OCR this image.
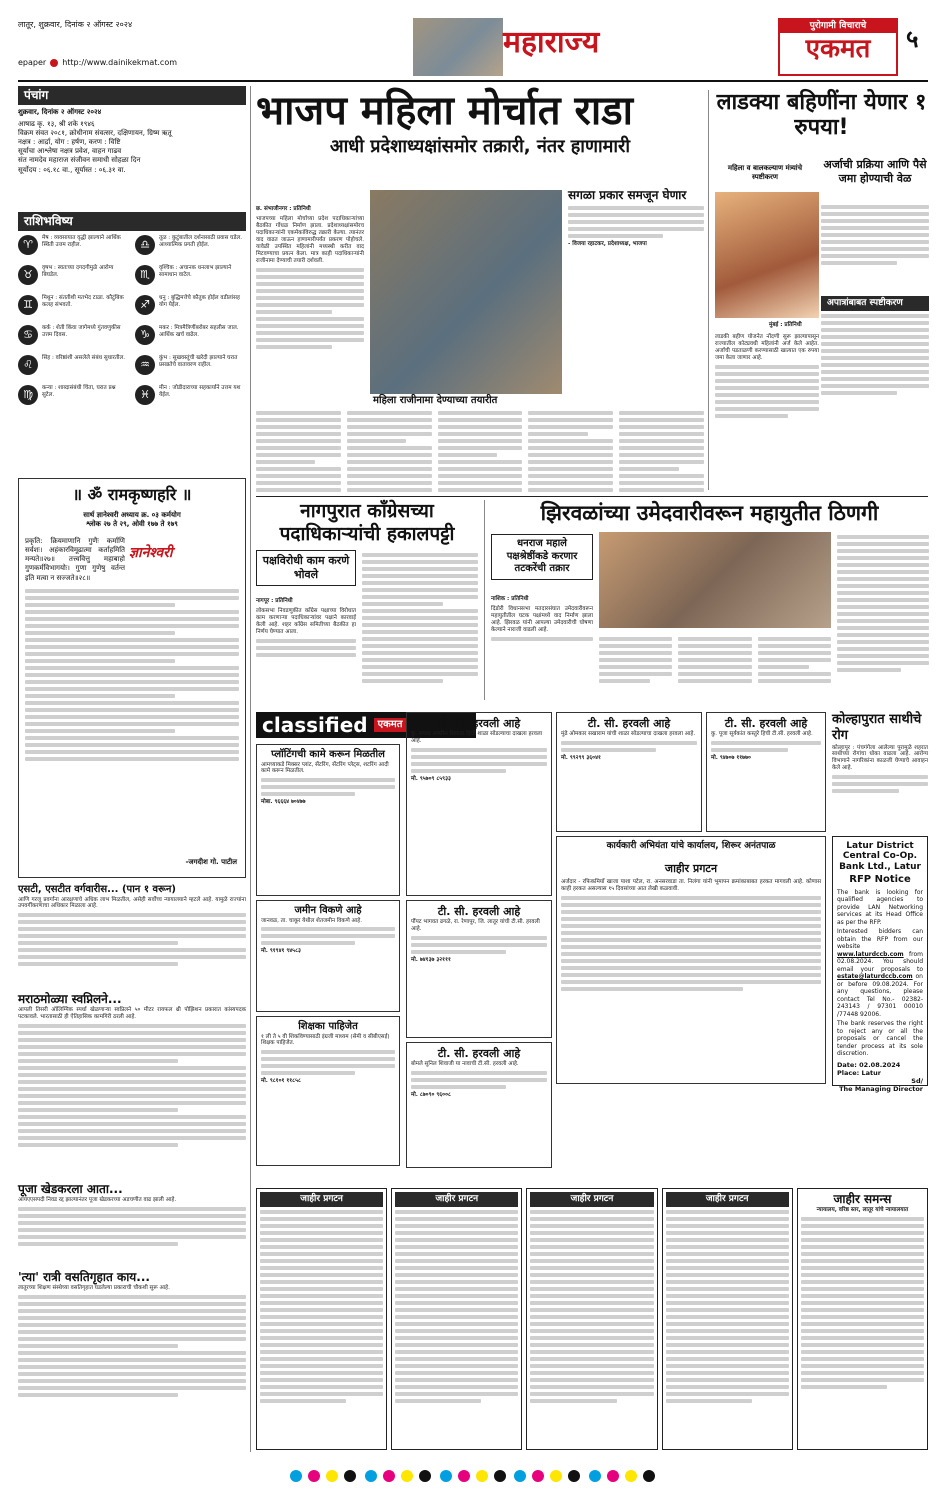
लातूर, शुक्रवार, दिनांक २ ऑगस्ट २०२४
epaper http://www.dainikekmat.com
महाराज्य	पुरोगामी विचाराचे
एकमत	५
पंचांग
शुक्रवार, दिनांक २ ऑगस्ट २०२४
आषाढ कृ. १३, श्री शके १९४६
विक्रम संवत २०८१, क्रोधीनाम संवत्सर, दक्षिणायन, ग्रिष्म ऋतू
नक्षत्र : आर्द्रा, योग : हर्षण, करण : विष्टि
सूर्याचा आश्लेषा नक्षत्र प्रवेश, वाहन गाढव
संत नामदेव महाराज संजीवन समाधी सोहळा दिन
सूर्योदय : ०६.१८ वा., सूर्यास्त : ०६.३१ वा.
राशिभविष्य
♈
मेष : व्यवसायात वृद्धी झाल्याने आर्थिक स्थिती उत्तम राहील.	♎
तूळ : कुटुंबातील दर्शनासाठी प्रवास घडेल. आध्यात्मिक प्रगती होईल.
♉
वृषभ : स्वतःच्या दगदगीमुळे आरोग्य बिघडेल.	♏
वृश्चिक : अचानक धनलाभ झाल्याने सामाधान वाटेल.
♊
मिथुन : संततीशी मतभेद टाळा. कौटुंबिक कलह संभवतो.	♐
धनु : बुद्धिमत्तेचे कौतुक होईल वडीलांसह योग येईल.
♋
कर्क : शेती किंवा जागेमध्ये गुंतवणुकीस उत्तम दिवस.	♑
मकर : मित्रमैत्रिणींबरोबर सहलीस जाल. आर्थिक खर्च वाढेल.
♌
सिंह : वरिष्ठांशी असलेले संबंध सुधारतील.
♒
कुंभ : सुखवस्तूंची खरेदी झाल्याने घरात प्रसन्नतेचे वातावरण राहील.
♍
कन्या : शाब्दासंबंधी चिंता, घरात प्रश्न सुटेल.	♓
मीन : जोडीदाराच्या सहकार्याने उत्तम यश येईल.
॥ ॐ रामकृष्णहरि ॥
सार्थ ज्ञानेश्वरी अध्याय क्र. ०३ कर्मयोग
श्लोक २७ ते २९, ओवी १७७ ते १७९
ज्ञानेश्वरी
प्रकृति: क्रियमाणानि गुणैः कर्माणि सर्वशः। अहंकारविमूढात्मा कर्ताहमिति मन्यते॥२७॥ तत्त्ववित्तु महाबाहो गुणकर्मविभागयोः। गुणा गुणेषु वर्तन्त इति मत्वा न सज्जते॥२८॥
-जगदीश गो. पाटील
एसटी, एसटीत वर्गवारीस... (पान १ वरून)
आणि गरजू प्रवर्गांना आरक्षणाचे अधिक लाभ मिळतील, असेही सर्वोच्च न्यायालयाने म्हटले आहे. यामुळे राज्यांना उपवर्गीकरणाचा अधिकार मिळाला आहे.
मराठमोळ्या स्वप्निलने...
आपली तिसरी ऑलिम्पिक स्पर्धा खेळणाऱ्या स्वप्निलने ५० मीटर रायफल थ्री पोझिशन प्रकारात कांस्यपदक पटकावले. भारतासाठी ही ऐतिहासिक कामगिरी ठरली आहे.
पूजा खेडकरला आता...
आयएएसपदी निवड रद्द झाल्यानंतर पूजा खेडकरच्या अडचणीत वाढ झाली आहे.
'त्या' रात्री वसतिगृहात काय...
लातूरच्या शिक्षण संस्थेच्या वसतिगृहात घडलेल्या प्रकाराची चौकशी सुरू आहे.
भाजप महिला मोर्चात राडा
आधी प्रदेशाध्यक्षांसमोर तक्रारी, नंतर हाणामारी
छ. संभाजीनगर : प्रतिनिधी
भाजपच्या महिला मोर्चाच्या प्रदेश पदाधिकाऱ्यांच्या बैठकीत गोंधळ निर्माण झाला. प्रदेशाध्यक्षांसमोरच पदाधिकाऱ्यांनी एकमेकांविरुद्ध तक्रारी केल्या. त्यानंतर वाद वाढत जाऊन हाणामारीपर्यंत प्रकरण पोहोचले. यावेळी उपस्थित महिलांनी मध्यस्थी करीत वाद मिटवण्याचा प्रयत्न केला. मात्र काही पदाधिकाऱ्यांनी राजीनामा देण्याची तयारी दर्शवली.
महिला राजीनामा देण्याच्या तयारीत
सगळा प्रकार समजून घेणार
- विजया रहाटकर, प्रदेशाध्यक्ष, भाजपा
लाडक्या बहिणींना येणार १ रुपया!
महिला व बालकल्याण मंत्र्यांचे स्पष्टीकरण
अर्जाची प्रक्रिया आणि पैसे जमा होण्याची वेळ
मुंबई : प्रतिनिधी
लाडकी बहीण योजनेत नोंदणी सुरू झाल्यापासून राज्यातील कोट्यवधी महिलांनी अर्ज केले आहेत. अर्जांची पडताळणी करण्यासाठी खात्यात एक रुपया जमा केला जाणार आहे.
अपात्रांबाबत स्पष्टीकरण
नागपुरात काँग्रेसच्या पदाधिकाऱ्यांची हकालपट्टी
पक्षविरोधी काम करणे भोवले
नागपूर : प्रतिनिधी
लोकसभा निवडणुकीत काँग्रेस पक्षाच्या विरोधात काम करणाऱ्या पदाधिकाऱ्यांवर पक्षाने कारवाई केली आहे. शहर काँग्रेस समितीच्या बैठकीत हा निर्णय घेण्यात आला.
झिरवळांच्या उमेदवारीवरून महायुतीत ठिणगी
धनराज महाले पक्षश्रेष्ठींकडे करणार तटकरेंची तक्रार
नाशिक : प्रतिनिधी
दिंडोरी विधानसभा मतदारसंघात उमेदवारीवरून महायुतीतील घटक पक्षांमध्ये वाद निर्माण झाला आहे. झिरवळ यांनी आपल्या उमेदवारीची घोषणा केल्याने नाराजी वाढली आहे.
classified	एकमत
प्लॉटिंगची कामे करून मिळतील
आमच्याकडे मिक्सर प्लांट, सेंटरिंग, सेंटरिंग प्लेट्स, शटरिंग आदी कामे करून मिळतील.
मोबा. ९६६६४ ७०४७७
जमीन विकणे आहे
जानवळ, ता. चाकूर येथील शेतजमीन विकणे आहे.
मो. ९१९४१ ९४५८३
शिक्षका पाहिजेत
१ ली ते ५ वी शिकविण्यासाठी इंग्रजी माध्यम (सेमी व सीबीएसई) शिक्षक पाहिजेत.
मो. ९८१०१ ११८५८
टी. सी. हरवली आहे
कु. सय्यद अफरिन शिकंदर हिची शाळा सोडल्याचा दाखला हरवला आहे.
मो. ९५७०९ ८५९३३
टी. सी. हरवली आहे
पौंपट भागवत ढगळे, रा. रेणापूर, जि. लातूर यांची टी.सी. हरवली आहे.
मो. ७४१३७ ३२१११
टी. सी. हरवली आहे
बोमले सुनिल शिवाजी या नावाची टी.सी. हरवली आहे.
मो. ८७०९० ९६००८
टी. सी. हरवली आहे
मुंढे ओमकार सखाराम यांची शाळा सोडल्याचा दाखला हरवला आहे.
मो. ९९२९९ ३६०४१
टी. सी. हरवली आहे
कु. पूजा सूर्यकांत कस्तुरे हिची टी.सी. हरवली आहे.
मो. ९४७०७ ११७७०
कार्यकारी अभियंता यांचे कार्यालय, शिरूर अनंतपाळ
जाहीर प्रगटन
अर्जदार - रफिकमियाँ खाजा पाशा पटेल, रा. अनसरवाडा ता. निलंगा यांनी भूमापन क्रमांकाबाबत हरकत मागवली आहे. कोणास काही हरकत असल्यास १५ दिवसांच्या आत लेखी कळवावी.
कोल्हापुरात साथीचे रोग
कोल्हापूर : पंचगंगेला आलेल्या पुरामुळे शहरात साथीच्या रोगांचा धोका वाढला आहे. आरोग्य विभागाने नागरिकांना काळजी घेण्याचे आवाहन केले आहे.
Latur District Central Co-Op. Bank Ltd., Latur
RFP Notice
The bank is looking for qualified agencies to provide LAN Networking services at its Head Office as per the RFP.
Interested bidders can obtain the RFP from our website www.laturdccb.com from 02.08.2024. You should email your proposals to estate@laturdccb.com on or before 09.08.2024. For any questions, please contact Tel No.- 02382-243143 / 97301 00010 /77448 92006.
The bank reserves the right to reject any or all the proposals or cancel the tender process at its sole discretion.
Date: 02.08.2024
Place: Latur
Sd/
The Managing Director
जाहीर प्रगटन	जाहीर प्रगटन	जाहीर प्रगटन	जाहीर प्रगटन	जाहीर समन्स
न्यायालय, वरिष्ठ स्तर, लातूर यांचे न्यायालयात
